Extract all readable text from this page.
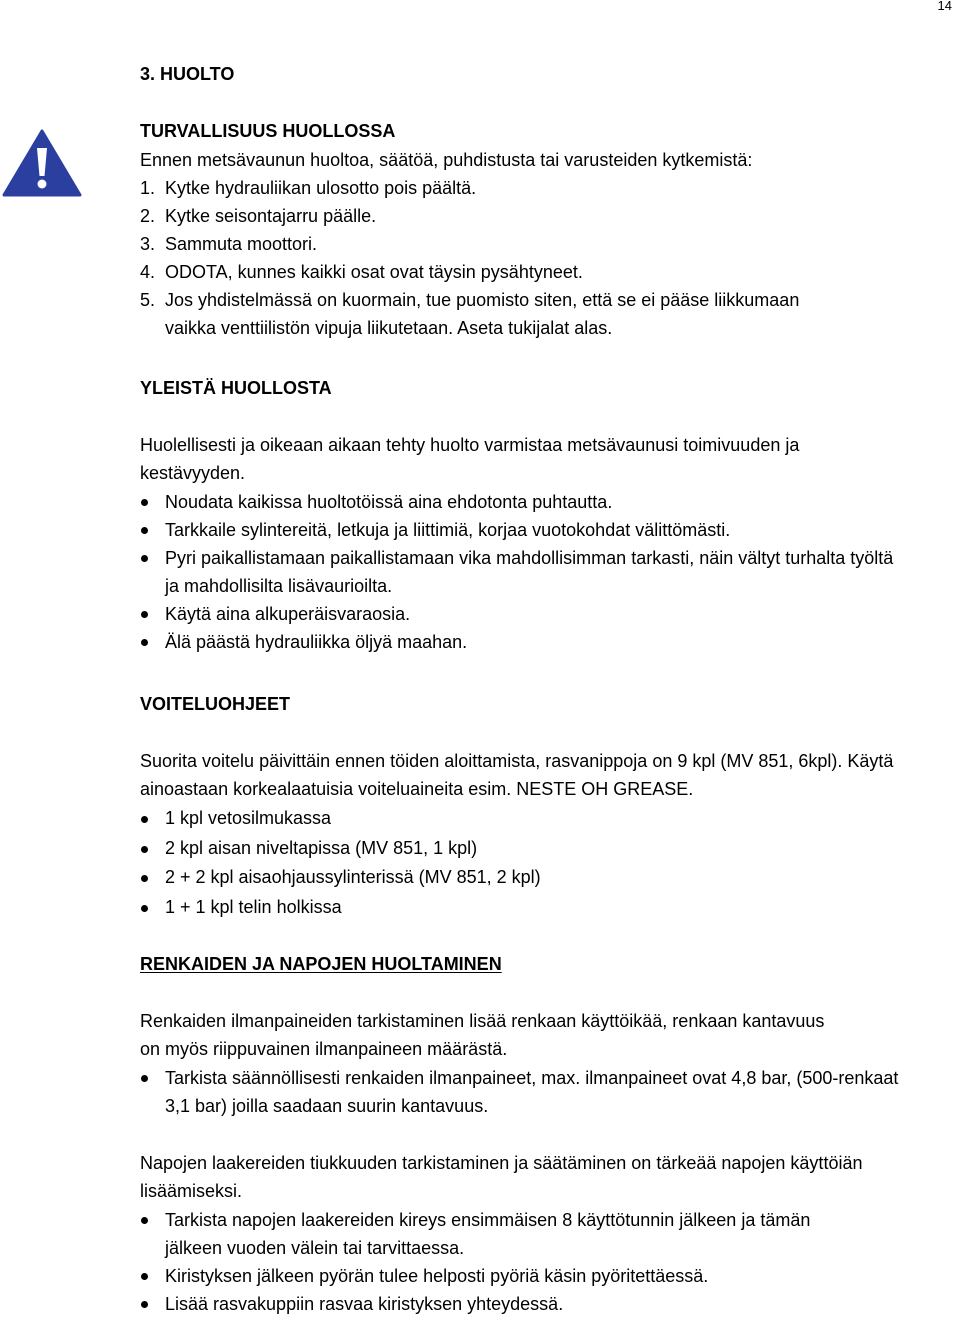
14
3. HUOLTO
TURVALLISUUS HUOLLOSSA
Ennen metsävaunun huoltoa, säätöä, puhdistusta tai varusteiden kytkemistä:
1. Kytke hydrauliikan ulosotto pois päältä.
2. Kytke seisontajarru päälle.
3. Sammuta moottori.
4. ODOTA, kunnes kaikki osat ovat täysin pysähtyneet.
5. Jos yhdistelmässä on kuormain, tue puomisto siten, että se ei pääse liikkumaan vaikka venttiilistön vipuja liikutetaan. Aseta tukijalat alas.
YLEISTÄ HUOLLOSTA
Huolellisesti ja oikeaan aikaan tehty huolto varmistaa metsävaunusi toimivuuden ja kestävyyden.
Noudata kaikissa huoltotöissä aina ehdotonta puhtautta.
Tarkkaile sylintereitä, letkuja ja liittimiä, korjaa vuotokohdat välittömästi.
Pyri paikallistamaan paikallistamaan vika mahdollisimman tarkasti, näin vältyt turhalta työltä ja mahdollisilta lisävaurioilta.
Käytä aina alkuperäisvaraosia.
Älä päästä hydrauliikka öljyä maahan.
VOITELUOHJEET
Suorita voitelu päivittäin ennen töiden aloittamista, rasvanippoja on 9 kpl (MV 851, 6kpl). Käytä ainoastaan korkealaatuisia voiteluaineita esim. NESTE OH GREASE.
1 kpl vetosilmukassa
2 kpl aisan niveltapissa (MV 851, 1 kpl)
2 + 2 kpl aisaohjaussylinterissä (MV 851, 2 kpl)
1 + 1 kpl telin holkissa
RENKAIDEN JA NAPOJEN HUOLTAMINEN
Renkaiden ilmanpaineiden tarkistaminen lisää renkaan käyttöikää, renkaan kantavuus on myös riippuvainen ilmanpaineen määrästä.
Tarkista säännöllisesti renkaiden ilmanpaineet, max. ilmanpaineet ovat 4,8 bar, (500-renkaat 3,1 bar) joilla saadaan suurin kantavuus.
Napojen laakereiden tiukkuuden tarkistaminen ja säätäminen on tärkeää napojen käyttöiän lisäämiseksi.
Tarkista napojen laakereiden kireys ensimmäisen 8 käyttötunnin jälkeen ja tämän jälkeen vuoden välein tai tarvittaessa.
Kiristyksen jälkeen pyörän tulee helposti pyöriä käsin pyöritettäessä.
Lisää rasvakuppiin rasvaa kiristyksen yhteydessä.
